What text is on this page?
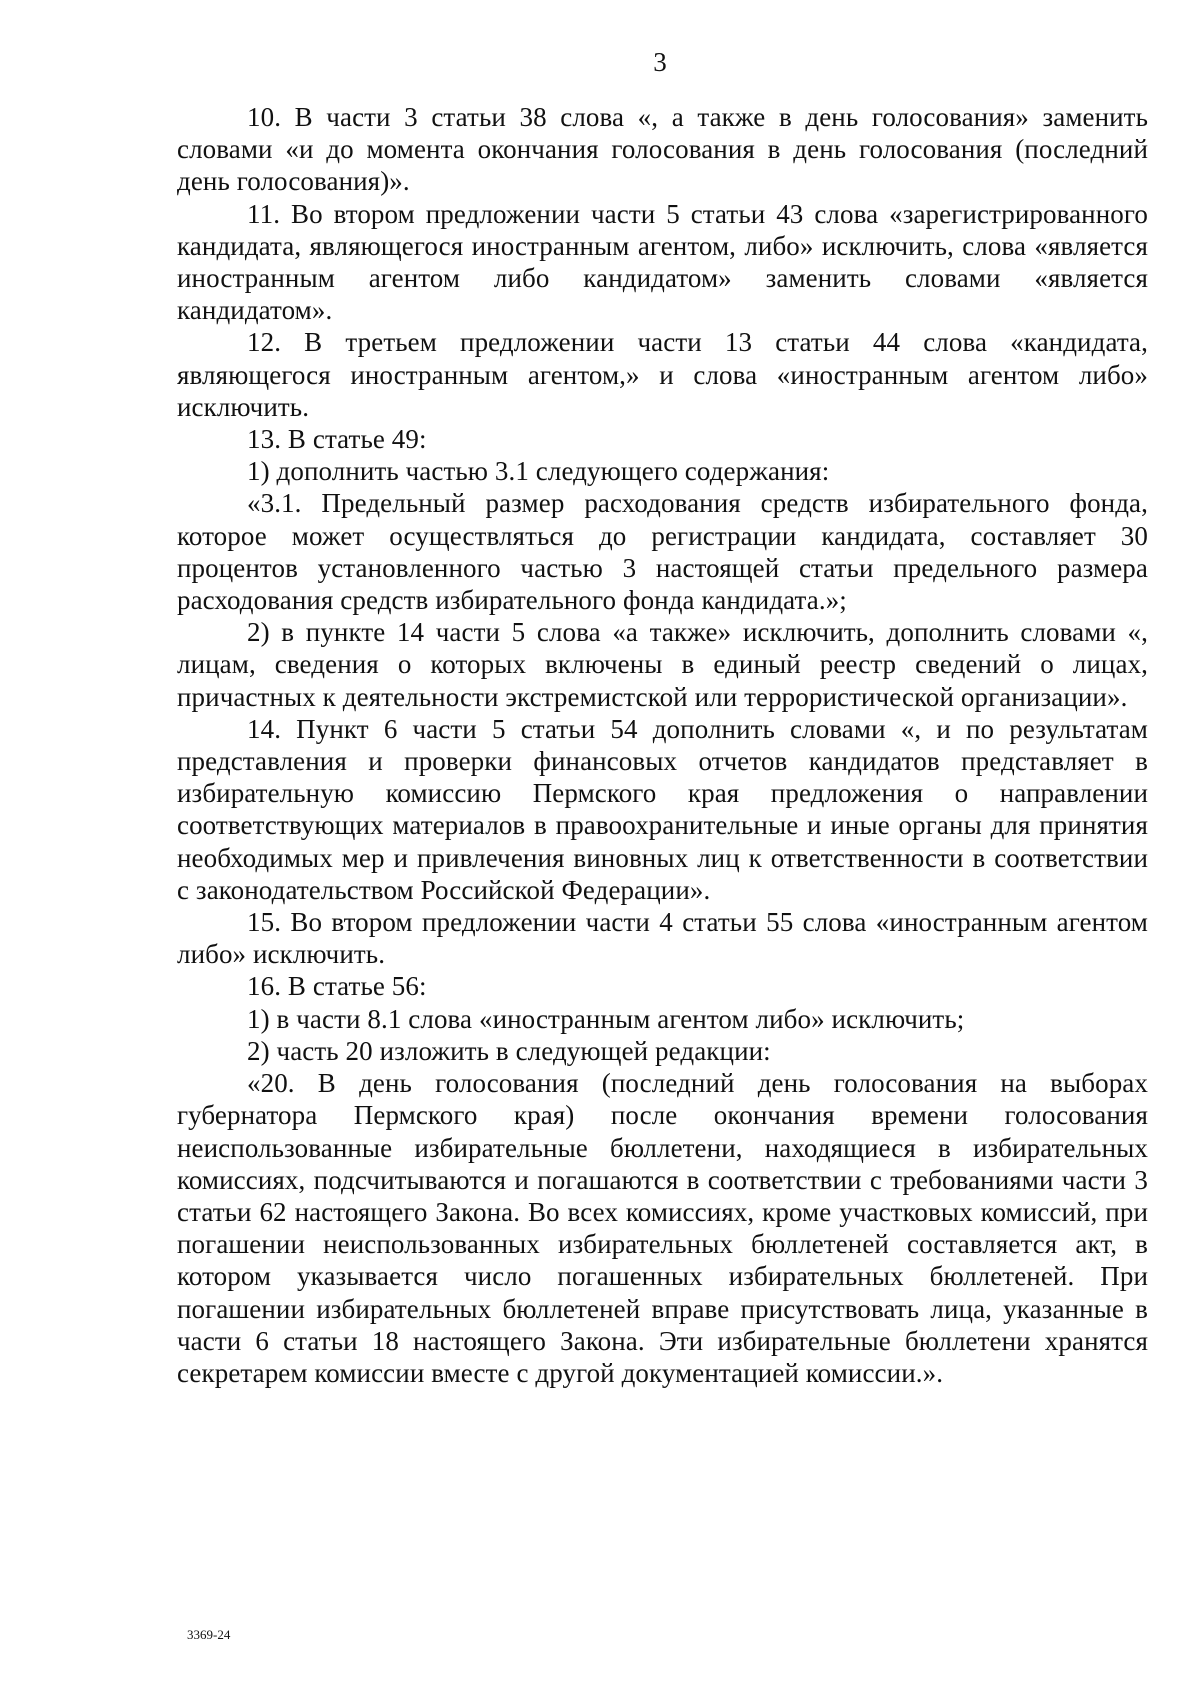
3

10. В части 3 статьи 38 слова «, а также в день голосования» заменить словами «и до момента окончания голосования в день голосования (последний день голосования)».

11. Во втором предложении части 5 статьи 43 слова «зарегистрированного кандидата, являющегося иностранным агентом, либо» исключить, слова «является иностранным агентом либо кандидатом» заменить словами «является кандидатом».

12. В третьем предложении части 13 статьи 44 слова «кандидата, являющегося иностранным агентом,» и слова «иностранным агентом либо» исключить.

13. В статье 49:

1) дополнить частью 3.1 следующего содержания:

«3.1. Предельный размер расходования средств избирательного фонда, которое может осуществляться до регистрации кандидата, составляет 30 процентов установленного частью 3 настоящей статьи предельного размера расходования средств избирательного фонда кандидата.»;

2) в пункте 14 части 5 слова «а также» исключить, дополнить словами «, лицам, сведения о которых включены в единый реестр сведений о лицах, причастных к деятельности экстремистской или террористической организации».

14. Пункт 6 части 5 статьи 54 дополнить словами «, и по результатам представления и проверки финансовых отчетов кандидатов представляет в избирательную комиссию Пермского края предложения о направлении соответствующих материалов в правоохранительные и иные органы для принятия необходимых мер и привлечения виновных лиц к ответственности в соответствии с законодательством Российской Федерации».

15. Во втором предложении части 4 статьи 55 слова «иностранным агентом либо» исключить.

16. В статье 56:

1) в части 8.1 слова «иностранным агентом либо» исключить;

2) часть 20 изложить в следующей редакции:

«20. В день голосования (последний день голосования на выборах губернатора Пермского края) после окончания времени голосования неиспользованные избирательные бюллетени, находящиеся в избирательных комиссиях, подсчитываются и погашаются в соответствии с требованиями части 3 статьи 62 настоящего Закона. Во всех комиссиях, кроме участковых комиссий, при погашении неиспользованных избирательных бюллетеней составляется акт, в котором указывается число погашенных избирательных бюллетеней. При погашении избирательных бюллетеней вправе присутствовать лица, указанные в части 6 статьи 18 настоящего Закона. Эти избирательные бюллетени хранятся секретарем комиссии вместе с другой документацией комиссии.».

3369-24
